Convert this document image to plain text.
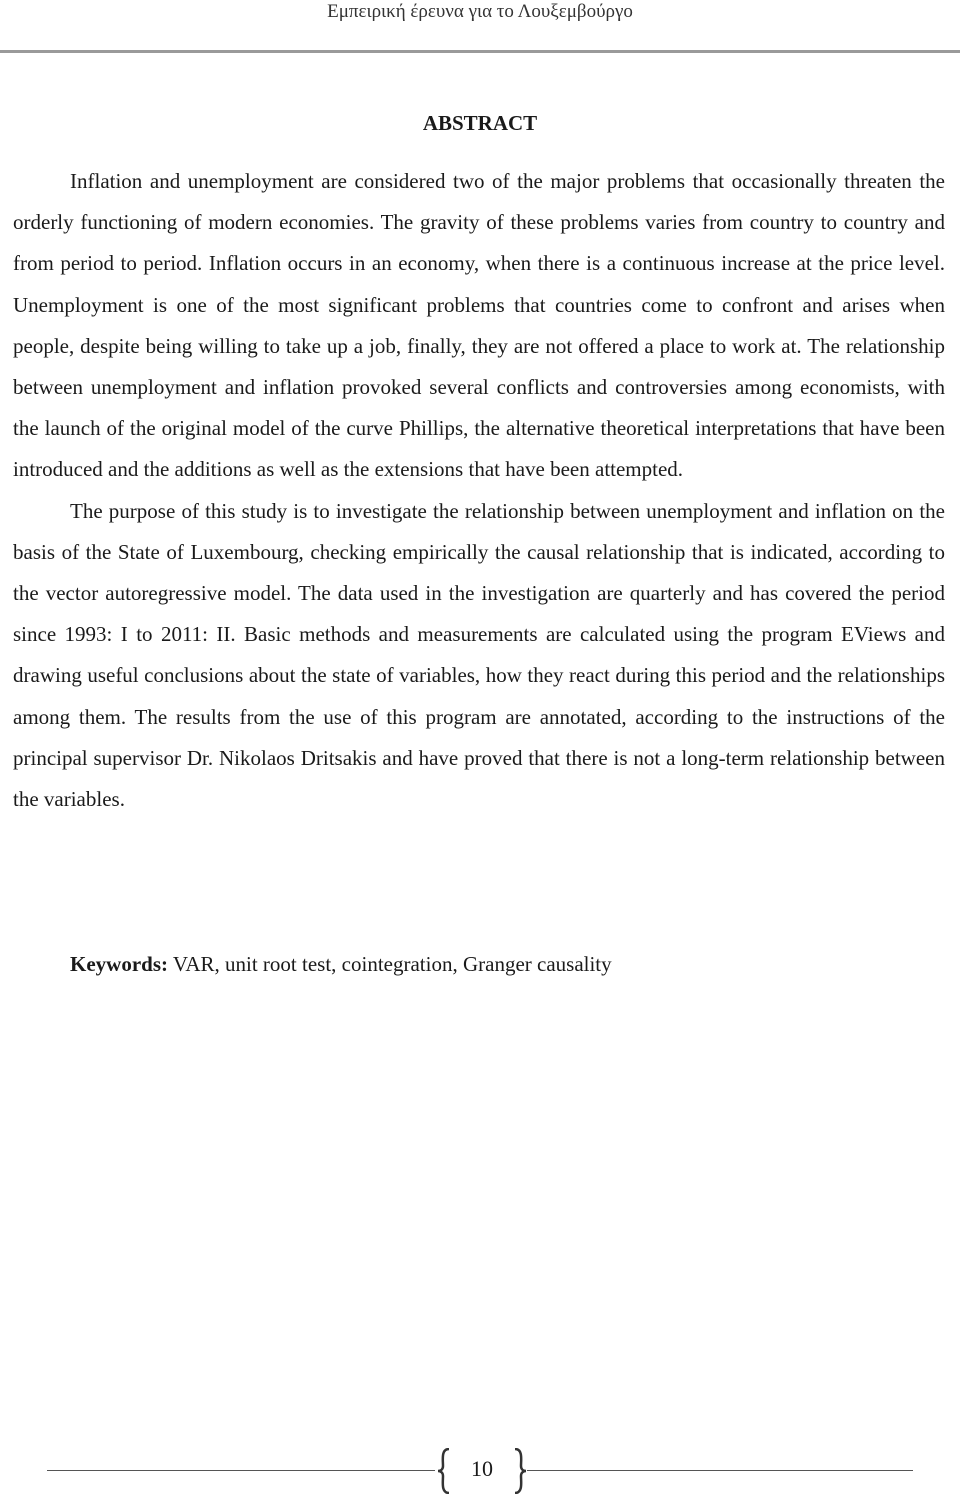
Εμπειρική έρευνα για το Λουξεμβούργο
ABSTRACT

Inflation and unemployment are considered two of the major problems that occasionally threaten the orderly functioning of modern economies. The gravity of these problems varies from country to country and from period to period. Inflation occurs in an economy, when there is a continuous increase at the price level. Unemployment is one of the most significant problems that countries come to confront and arises when people, despite being willing to take up a job, finally, they are not offered a place to work at. The relationship between unemployment and inflation provoked several conflicts and controversies among economists, with the launch of the original model of the curve Phillips, the alternative theoretical interpretations that have been introduced and the additions as well as the extensions that have been attempted.

The purpose of this study is to investigate the relationship between unemployment and inflation on the basis of the State of Luxembourg, checking empirically the causal relationship that is indicated, according to the vector autoregressive model. The data used in the investigation are quarterly and has covered the period since 1993: I to 2011: II. Basic methods and measurements are calculated using the program EViews and drawing useful conclusions about the state of variables, how they react during this period and the relationships among them. The results from the use of this program are annotated, according to the instructions of the principal supervisor Dr. Nikolaos Dritsakis and have proved that there is not a long-term relationship between the variables.

Keywords: VAR, unit root test, cointegration, Granger causality
10
